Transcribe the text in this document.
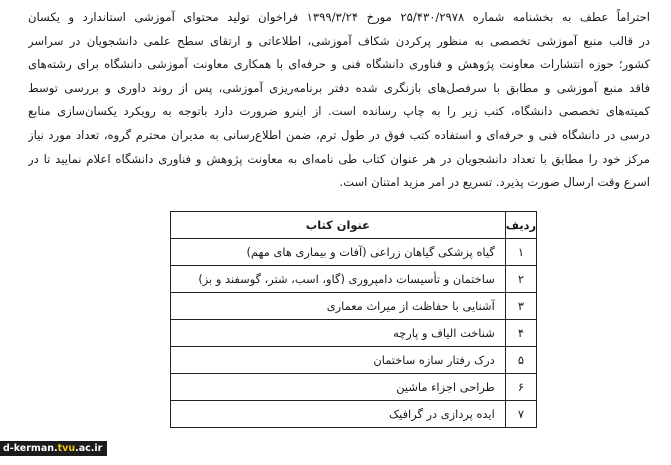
احتراماً عطف به بخشنامه شماره ۲۵/۴۳۰/۲۹۷۸ مورخ ۱۳۹۹/۳/۲۴ فراخوان تولید محتوای آموزشی استاندارد و یکسان
در قالب منبع آموزشی تخصصی به منظور پرکردن شکاف آموزشی، اطلاعاتی و ارتقای سطح علمی دانشجویان در سراسر
کشور؛ حوزه انتشارات معاونت پژوهش و فناوری دانشگاه فنی و حرفه‌ای با همکاری معاونت آموزشی دانشگاه برای رشته‌های
فاقد منبع آموزشی و مطابق با سرفصل‌های بازنگری شده دفتر برنامه‌ریزی آموزشی، پس از روند داوری و بررسی توسط
کمیته‌های تخصصی دانشگاه، کتب زیر را به چاپ رسانده است. از اینرو ضرورت دارد باتوجه به رویکرد یکسان‌سازی منابع
درسی در دانشگاه فنی و حرفه‌ای و استفاده کتب فوق در طول ترم، ضمن اطلاع‌رسانی به مدیران محترم گروه، تعداد مورد نیاز
مرکز خود را مطابق با تعداد دانشجویان در هر عنوان کتاب طی نامه‌ای به معاونت پژوهش و فناوری دانشگاه اعلام نمایید تا در
اسرع وقت ارسال صورت پذیرد. تسریع در امر مزید امتنان است.
ردیف	عنوان کتاب
۱	گیاه پزشکی گیاهان زراعی (آفات و بیماری های مهم)
۲	ساختمان و تأسیسات دامپروری (گاو، اسب، شتر، گوسفند و بز)
۳	آشنایی با حفاظت از میراث معماری
۴	شناخت الیاف و پارچه
۵	درک رفتار سازه ساختمان
۶	طراحی اجزاء ماشین
۷	ایده پردازی در گرافیک
d-kerman.tvu.ac.ir
